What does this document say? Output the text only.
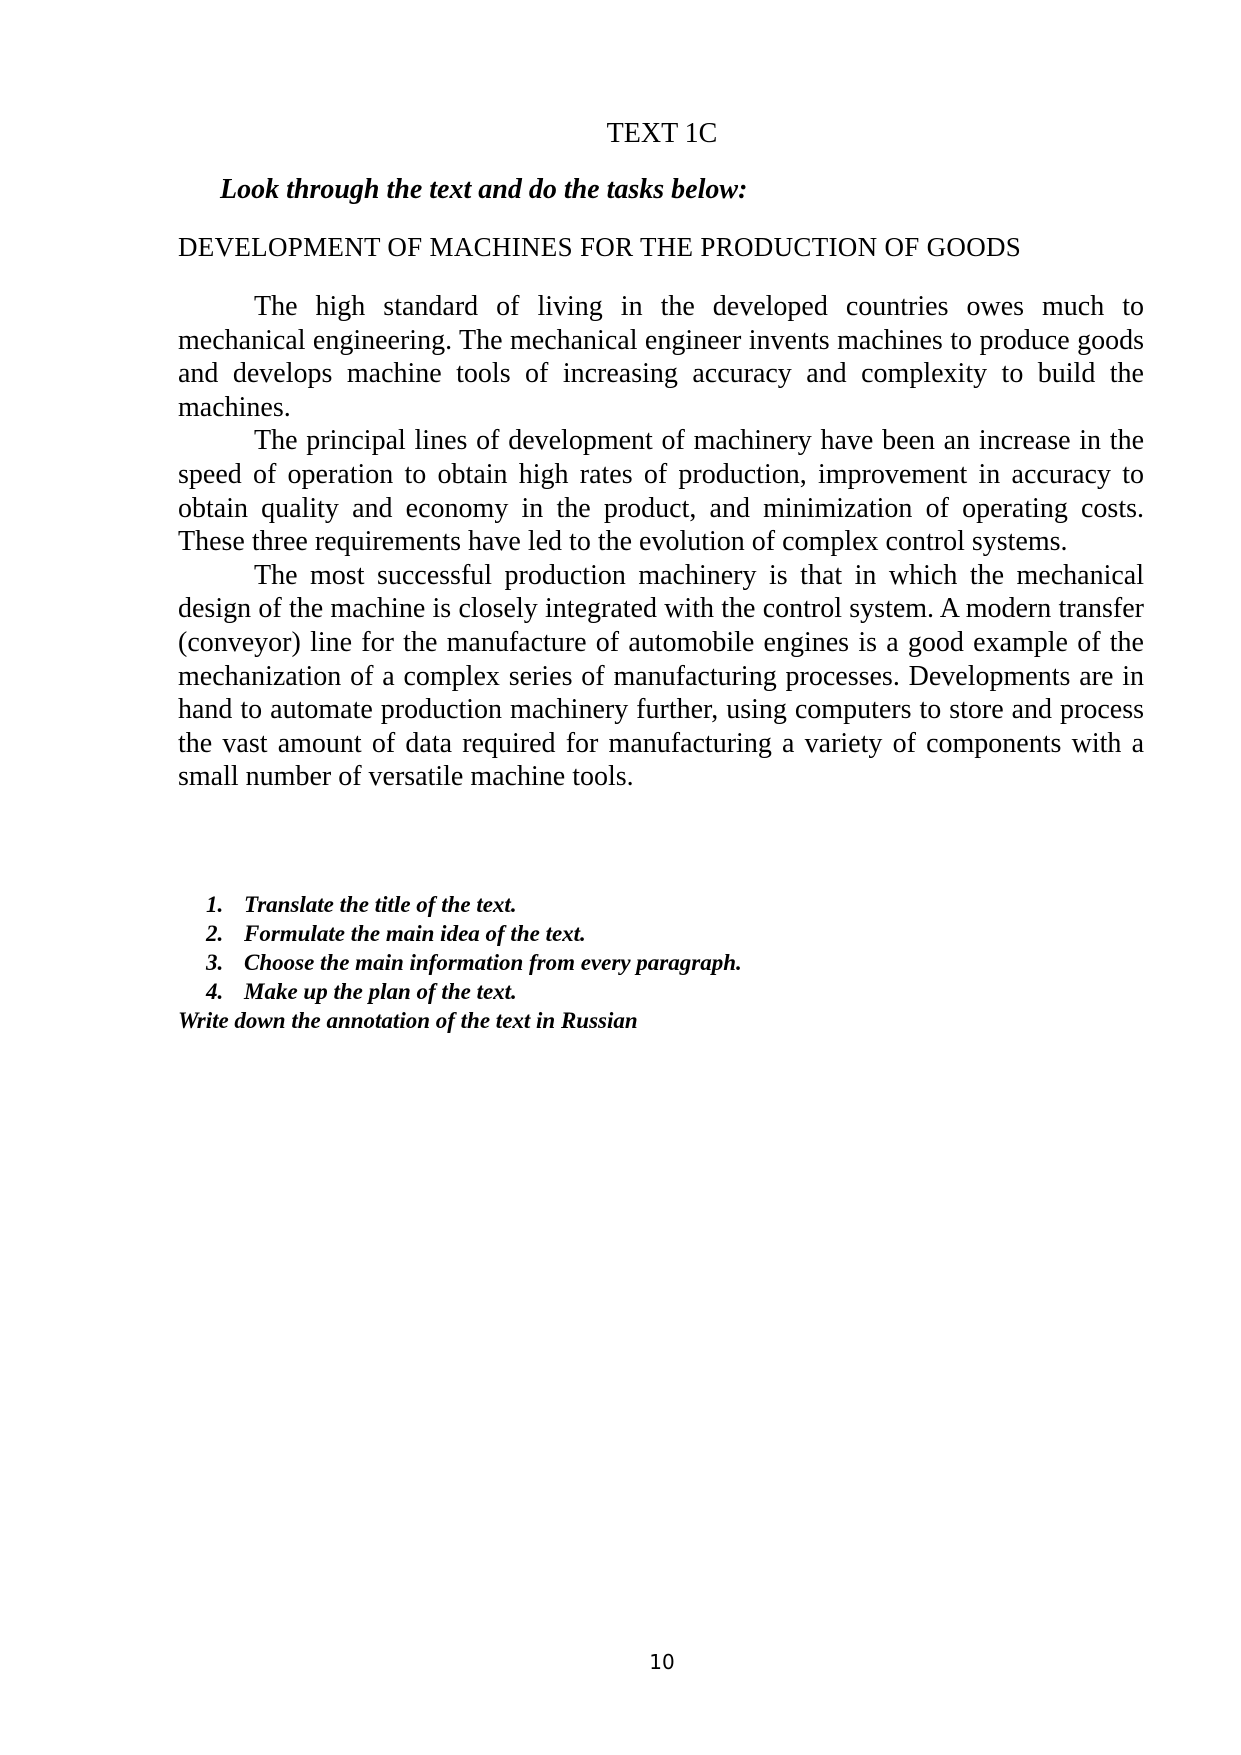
TEXT 1C
Look through the text and do the tasks below:
DEVELOPMENT OF MACHINES FOR THE PRODUCTION OF GOODS

The high standard of living in the developed countries owes much to mechanical engineering. The mechanical engineer invents machines to produce goods and develops machine tools of increasing accuracy and complexity to build the machines.

The principal lines of development of machinery have been an increase in the speed of operation to obtain high rates of production, improvement in accuracy to obtain quality and economy in the product, and minimization of operating costs. These three requirements have led to the evolution of complex control systems.

The most successful production machinery is that in which the mechanical design of the machine is closely integrated with the control system. A modern transfer (conveyor) line for the manufacture of automobile engines is a good example of the mechanization of a complex series of manufacturing processes. Developments are in hand to automate production machinery further, using computers to store and process the vast amount of data required for manufacturing a variety of components with a small number of versatile machine tools.

1. Translate the title of the text.
2. Formulate the main idea of the text.
3. Choose the main information from every paragraph.
4. Make up the plan of the text.

Write down the annotation of the text in Russian

10
